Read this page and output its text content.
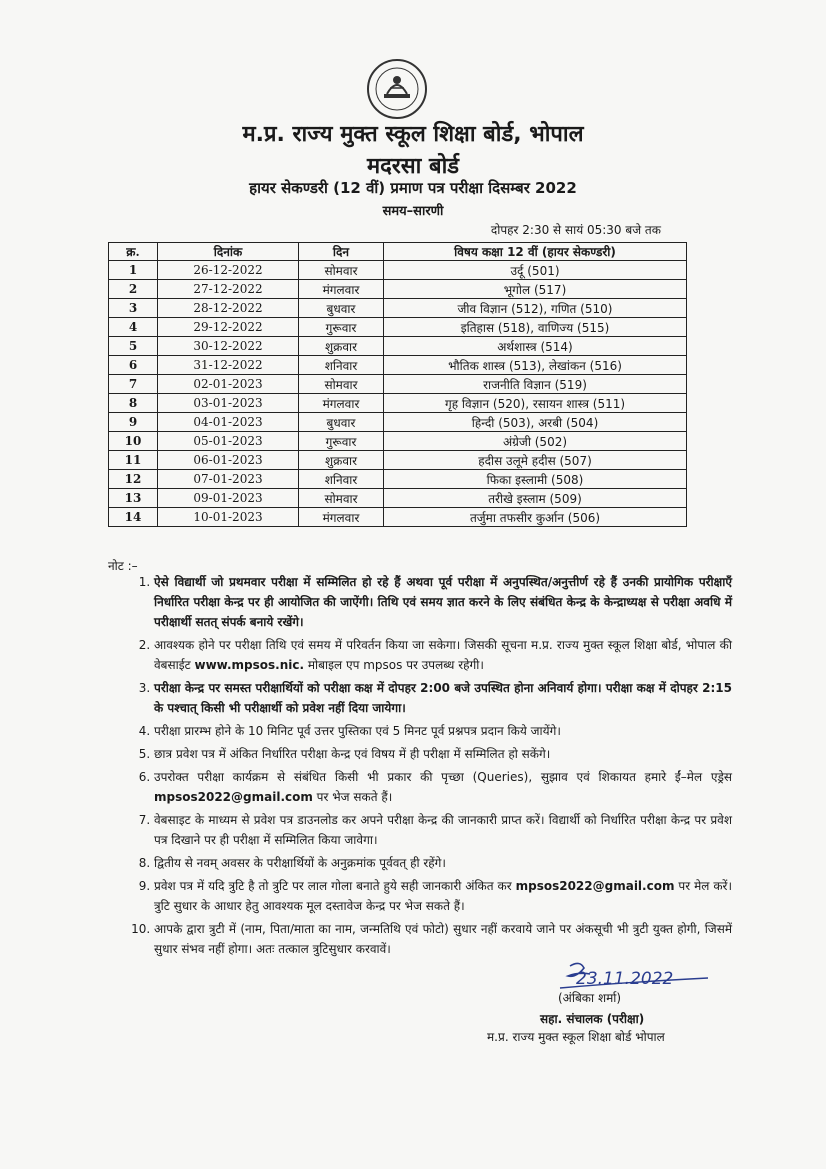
म.प्र. राज्य मुक्त स्कूल शिक्षा बोर्ड, भोपाल
मदरसा बोर्ड
हायर सेकण्डरी (12 वीं) प्रमाण पत्र परीक्षा दिसम्बर 2022
समय–सारणी
दोपहर 2:30 से सायं 05:30 बजे तक
क्र.	दिनांक	दिन	विषय कक्षा 12 वीं (हायर सेकण्डरी)
1	26-12-2022	सोमवार	उर्दू (501)
2	27-12-2022	मंगलवार	भूगोल (517)
3	28-12-2022	बुधवार	जीव विज्ञान (512), गणित (510)
4	29-12-2022	गुरूवार	इतिहास (518), वाणिज्य (515)
5	30-12-2022	शुक्रवार	अर्थशास्त्र (514)
6	31-12-2022	शनिवार	भौतिक शास्त्र (513), लेखांकन (516)
7	02-01-2023	सोमवार	राजनीति विज्ञान (519)
8	03-01-2023	मंगलवार	गृह विज्ञान (520), रसायन शास्त्र (511)
9	04-01-2023	बुधवार	हिन्दी (503), अरबी (504)
10	05-01-2023	गुरूवार	अंग्रेजी (502)
11	06-01-2023	शुक्रवार	हदीस उलूमे हदीस (507)
12	07-01-2023	शनिवार	फिका इस्लामी (508)
13	09-01-2023	सोमवार	तरीखे इस्लाम (509)
14	10-01-2023	मंगलवार	तर्जुमा तफसीर कुर्आन (506)
नोट :–
1. ऐसे विद्यार्थी जो प्रथमवार परीक्षा में सम्मिलित हो रहे हैं अथवा पूर्व परीक्षा में अनुपस्थित/अनुत्तीर्ण रहे हैं उनकी प्रायोगिक परीक्षाएँ निर्धारित परीक्षा केन्द्र पर ही आयोजित की जाऐंगी। तिथि एवं समय ज्ञात करने के लिए संबंधित केन्द्र के केन्द्राध्यक्ष से परीक्षा अवधि में परीक्षार्थी सतत् संपर्क बनाये रखेंगे।
2. आवश्यक होने पर परीक्षा तिथि एवं समय में परिवर्तन किया जा सकेगा। जिसकी सूचना म.प्र. राज्य मुक्त स्कूल शिक्षा बोर्ड, भोपाल की वेबसाईट www.mpsos.nic. मोबाइल एप mpsos पर उपलब्ध रहेगी।
3. परीक्षा केन्द्र पर समस्त परीक्षार्थियों को परीक्षा कक्ष में दोपहर 2:00 बजे उपस्थित होना अनिवार्य होगा। परीक्षा कक्ष में दोपहर 2:15 के पश्चात् किसी भी परीक्षार्थी को प्रवेश नहीं दिया जायेगा।
4. परीक्षा प्रारम्भ होने के 10 मिनिट पूर्व उत्तर पुस्तिका एवं 5 मिनट पूर्व प्रश्नपत्र प्रदान किये जायेंगे।
5. छात्र प्रवेश पत्र में अंकित निर्धारित परीक्षा केन्द्र एवं विषय में ही परीक्षा में सम्मिलित हो सकेंगे।
6. उपरोक्त परीक्षा कार्यक्रम से संबंधित किसी भी प्रकार की पृच्छा (Queries), सुझाव एवं शिकायत हमारे ईं–मेल एड्रेस mpsos2022@gmail.com पर भेज सकते हैं।
7. वेबसाइट के माध्यम से प्रवेश पत्र डाउनलोड कर अपने परीक्षा केन्द्र की जानकारी प्राप्त करें। विद्यार्थी को निर्धारित परीक्षा केन्द्र पर प्रवेश पत्र दिखाने पर ही परीक्षा में सम्मिलित किया जावेगा।
8. द्वितीय से नवम् अवसर के परीक्षार्थियों के अनुक्रमांक पूर्ववत् ही रहेंगे।
9. प्रवेश पत्र में यदि त्रुटि है तो त्रुटि पर लाल गोला बनाते हुये सही जानकारी अंकित कर mpsos2022@gmail.com पर मेल करें। त्रुटि सुधार के आधार हेतु आवश्यक मूल दस्तावेज केन्द्र पर भेज सकते हैं।
10. आपके द्वारा त्रुटी में (नाम, पिता/माता का नाम, जन्मतिथि एवं फोटो) सुधार नहीं करवाये जाने पर अंकसूची भी त्रुटी युक्त होगी, जिसमें सुधार संभव नहीं होगा। अतः तत्काल त्रुटिसुधार करवावें।
23.11.2022
(अंबिका शर्मा)
सहा. संचालक (परीक्षा)
म.प्र. राज्य मुक्त स्कूल शिक्षा बोर्ड भोपाल
